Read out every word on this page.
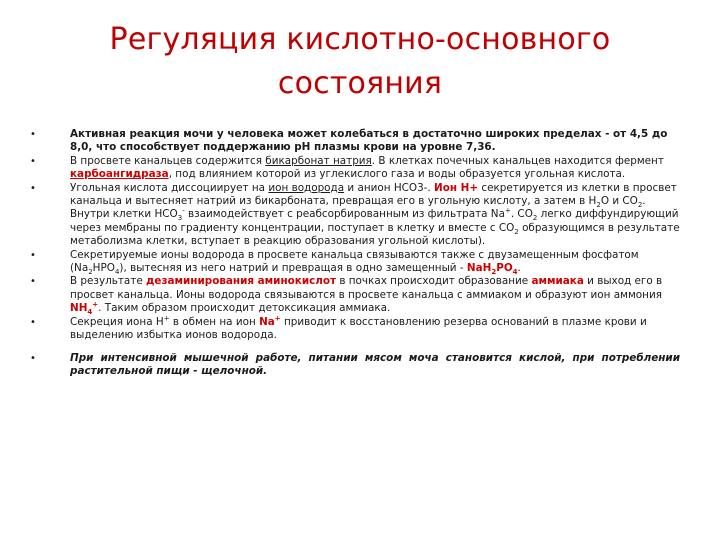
Регуляция кислотно-основного
состояния
•	Активная реакция мочи у человека может колебаться в достаточно широких пределах - от 4,5 до 8,0, что способствует поддержанию рН плазмы крови на уровне 7,36.
•	В просвете канальцев содержится бикарбонат натрия. В клетках почечных канальцев находится фермент карбоангидраза, под влиянием которой из углекислого газа и воды образуется угольная кислота.
•	Угольная кислота диссоциирует на ион водорода и анион НСО3-. Ион Н+ секретируется из клетки в просвет канальца и вытесняет натрий из бикарбоната, превращая его в угольную кислоту, а затем в $Н_2О$ и $СО_2$. Внутри клетки $НСО_3^-$ взаимодействует с реабсорбированным из фильтрата Nа+. $СО_2$ легко диффундирующий через мембраны по градиенту концентрации, поступает в клетку и вместе с $СО_2$ образующимся в результате метаболизма клетки, вступает в реакцию образования угольной кислоты).
•	Секретируемые ионы водорода в просвете канальца связываются также с двузамещенным фосфатом $(Nа_2НРО_4)$, вытесняя из него натрий и превращая в одно замещенный - $NаН_2РО_4$.
•	В результате дезаминирования аминокислот в почках происходит образование аммиака и выход его в просвет канальца. Ионы водорода связываются в просвете канальца с аммиаком и образуют ион аммония $NН_4^+$. Таким образом происходит детоксикация аммиака.
•	Секреция иона Н+ в обмен на ион Nа+ приводит к восстановлению резерва оснований в плазме крови и выделению избытка ионов водорода.
•	При интенсивной мышечной работе, питании мясом моча становится кислой, при потреблении растительной пищи - щелочной.
